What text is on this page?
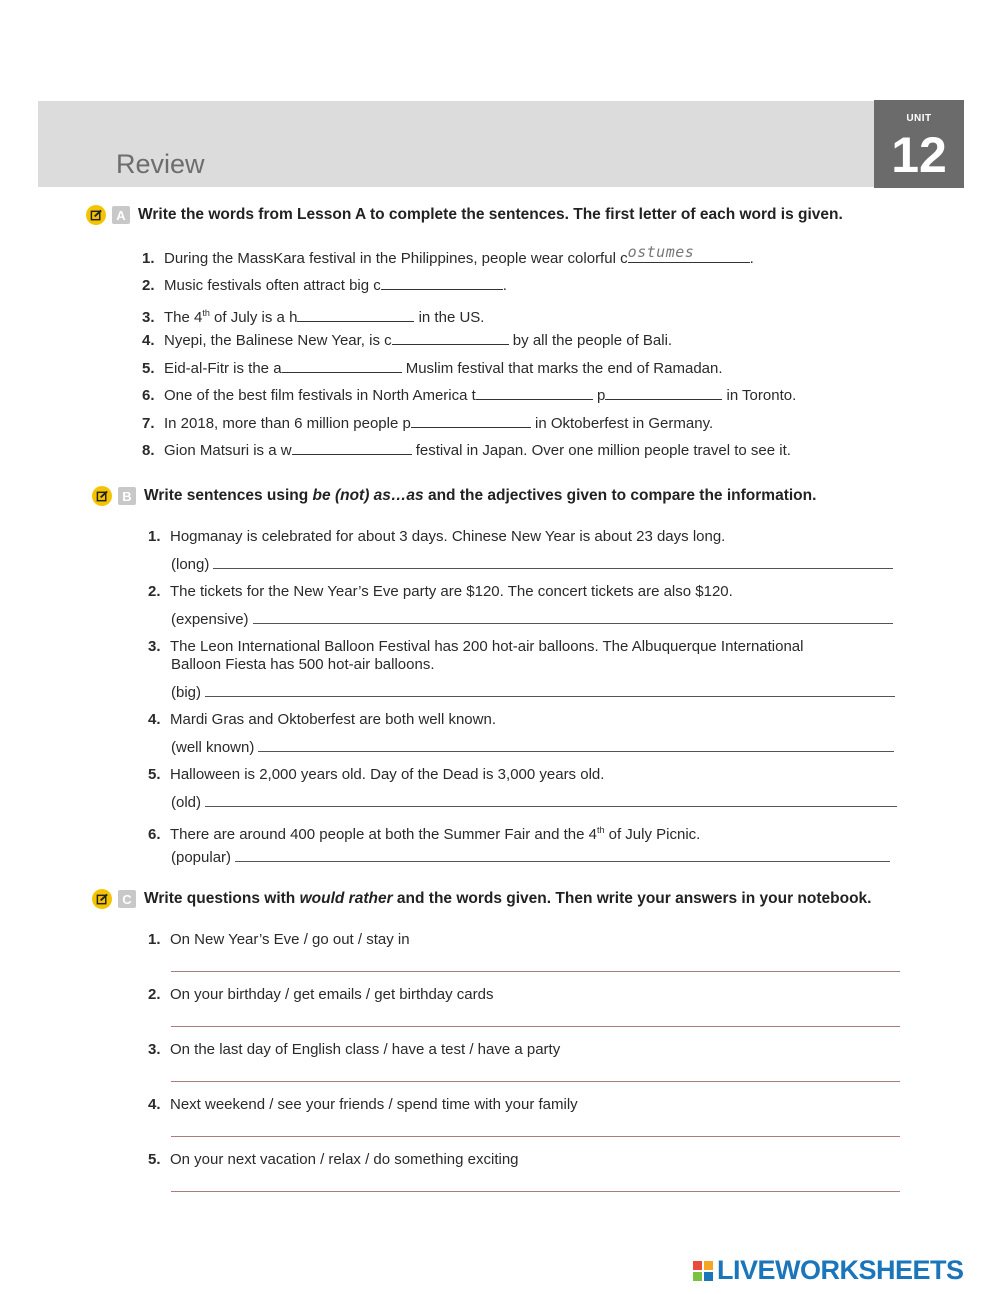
Review
UNIT
12
A Write the words from Lesson A to complete the sentences. The first letter of each word is given.
1. During the MassKara festival in the Philippines, people wear colorful c ostumes	.
2. Music festivals often attract big c	.
3. The 4th of July is a h	in the US.
4. Nyepi, the Balinese New Year, is c	by all the people of Bali.
5. Eid-al-Fitr is the a	Muslim festival that marks the end of Ramadan.
6. One of the best film festivals in North America t	p	in Toronto.
7. In 2018, more than 6 million people p	in Oktoberfest in Germany.
8. Gion Matsuri is a w	festival in Japan. Over one million people travel to see it.
B Write sentences using be (not) as…as and the adjectives given to compare the information.
1. Hogmanay is celebrated for about 3 days. Chinese New Year is about 23 days long.
(long)
2. The tickets for the New Year’s Eve party are $120. The concert tickets are also $120.
(expensive)
3. The Leon International Balloon Festival has 200 hot-air balloons. The Albuquerque International
Balloon Fiesta has 500 hot-air balloons.
(big)
4. Mardi Gras and Oktoberfest are both well known.
(well known)
5. Halloween is 2,000 years old. Day of the Dead is 3,000 years old.
(old)
6. There are around 400 people at both the Summer Fair and the 4th of July Picnic.
(popular)
C Write questions with would rather and the words given. Then write your answers in your notebook.
1. On New Year’s Eve / go out / stay in
2. On your birthday / get emails / get birthday cards
3. On the last day of English class / have a test / have a party
4. Next weekend / see your friends / spend time with your family
5. On your next vacation / relax / do something exciting
LIVEWORKSHEETS
